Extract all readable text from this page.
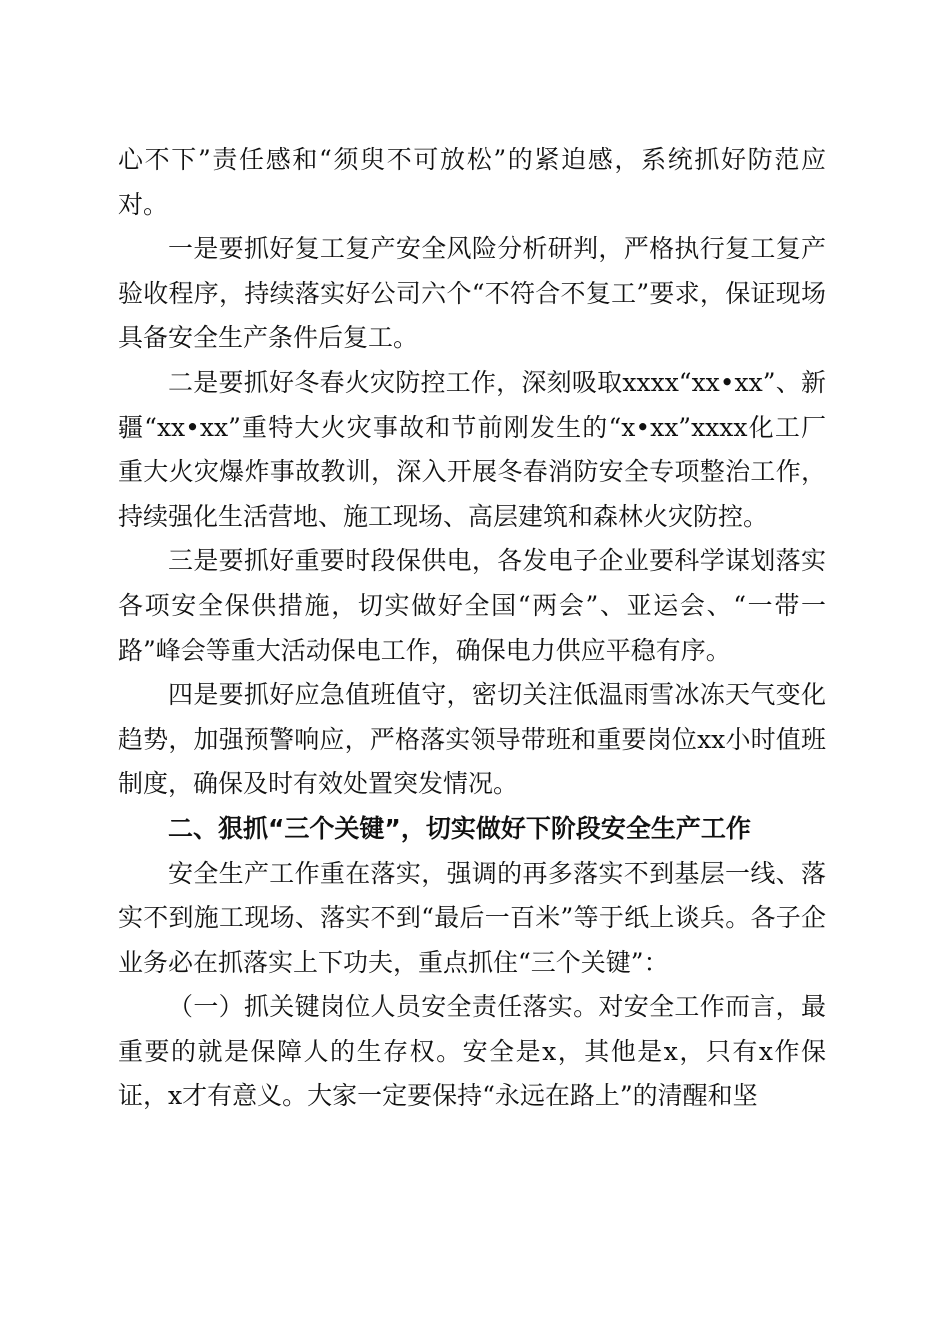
心不下”责任感和“须臾不可放松”的紧迫感，系统抓好防范应对。

一是要抓好复工复产安全风险分析研判，严格执行复工复产验收程序，持续落实好公司六个“不符合不复工”要求，保证现场具备安全生产条件后复工。

二是要抓好冬春火灾防控工作，深刻吸取xxxx“xx•xx”、新疆“xx•xx”重特大火灾事故和节前刚发生的“x•xx”xxxx化工厂重大火灾爆炸事故教训，深入开展冬春消防安全专项整治工作，持续强化生活营地、施工现场、高层建筑和森林火灾防控。

三是要抓好重要时段保供电，各发电子企业要科学谋划落实各项安全保供措施，切实做好全国“两会”、亚运会、“一带一路”峰会等重大活动保电工作，确保电力供应平稳有序。

四是要抓好应急值班值守，密切关注低温雨雪冰冻天气变化趋势，加强预警响应，严格落实领导带班和重要岗位xx小时值班制度，确保及时有效处置突发情况。

二、狠抓“三个关键”，切实做好下阶段安全生产工作

安全生产工作重在落实，强调的再多落实不到基层一线、落实不到施工现场、落实不到“最后一百米”等于纸上谈兵。各子企业务必在抓落实上下功夫，重点抓住“三个关键”：

（一）抓关键岗位人员安全责任落实。对安全工作而言，最重要的就是保障人的生存权。安全是x，其他是x，只有x作保证，x才有意义。大家一定要保持“永远在路上”的清醒和坚
